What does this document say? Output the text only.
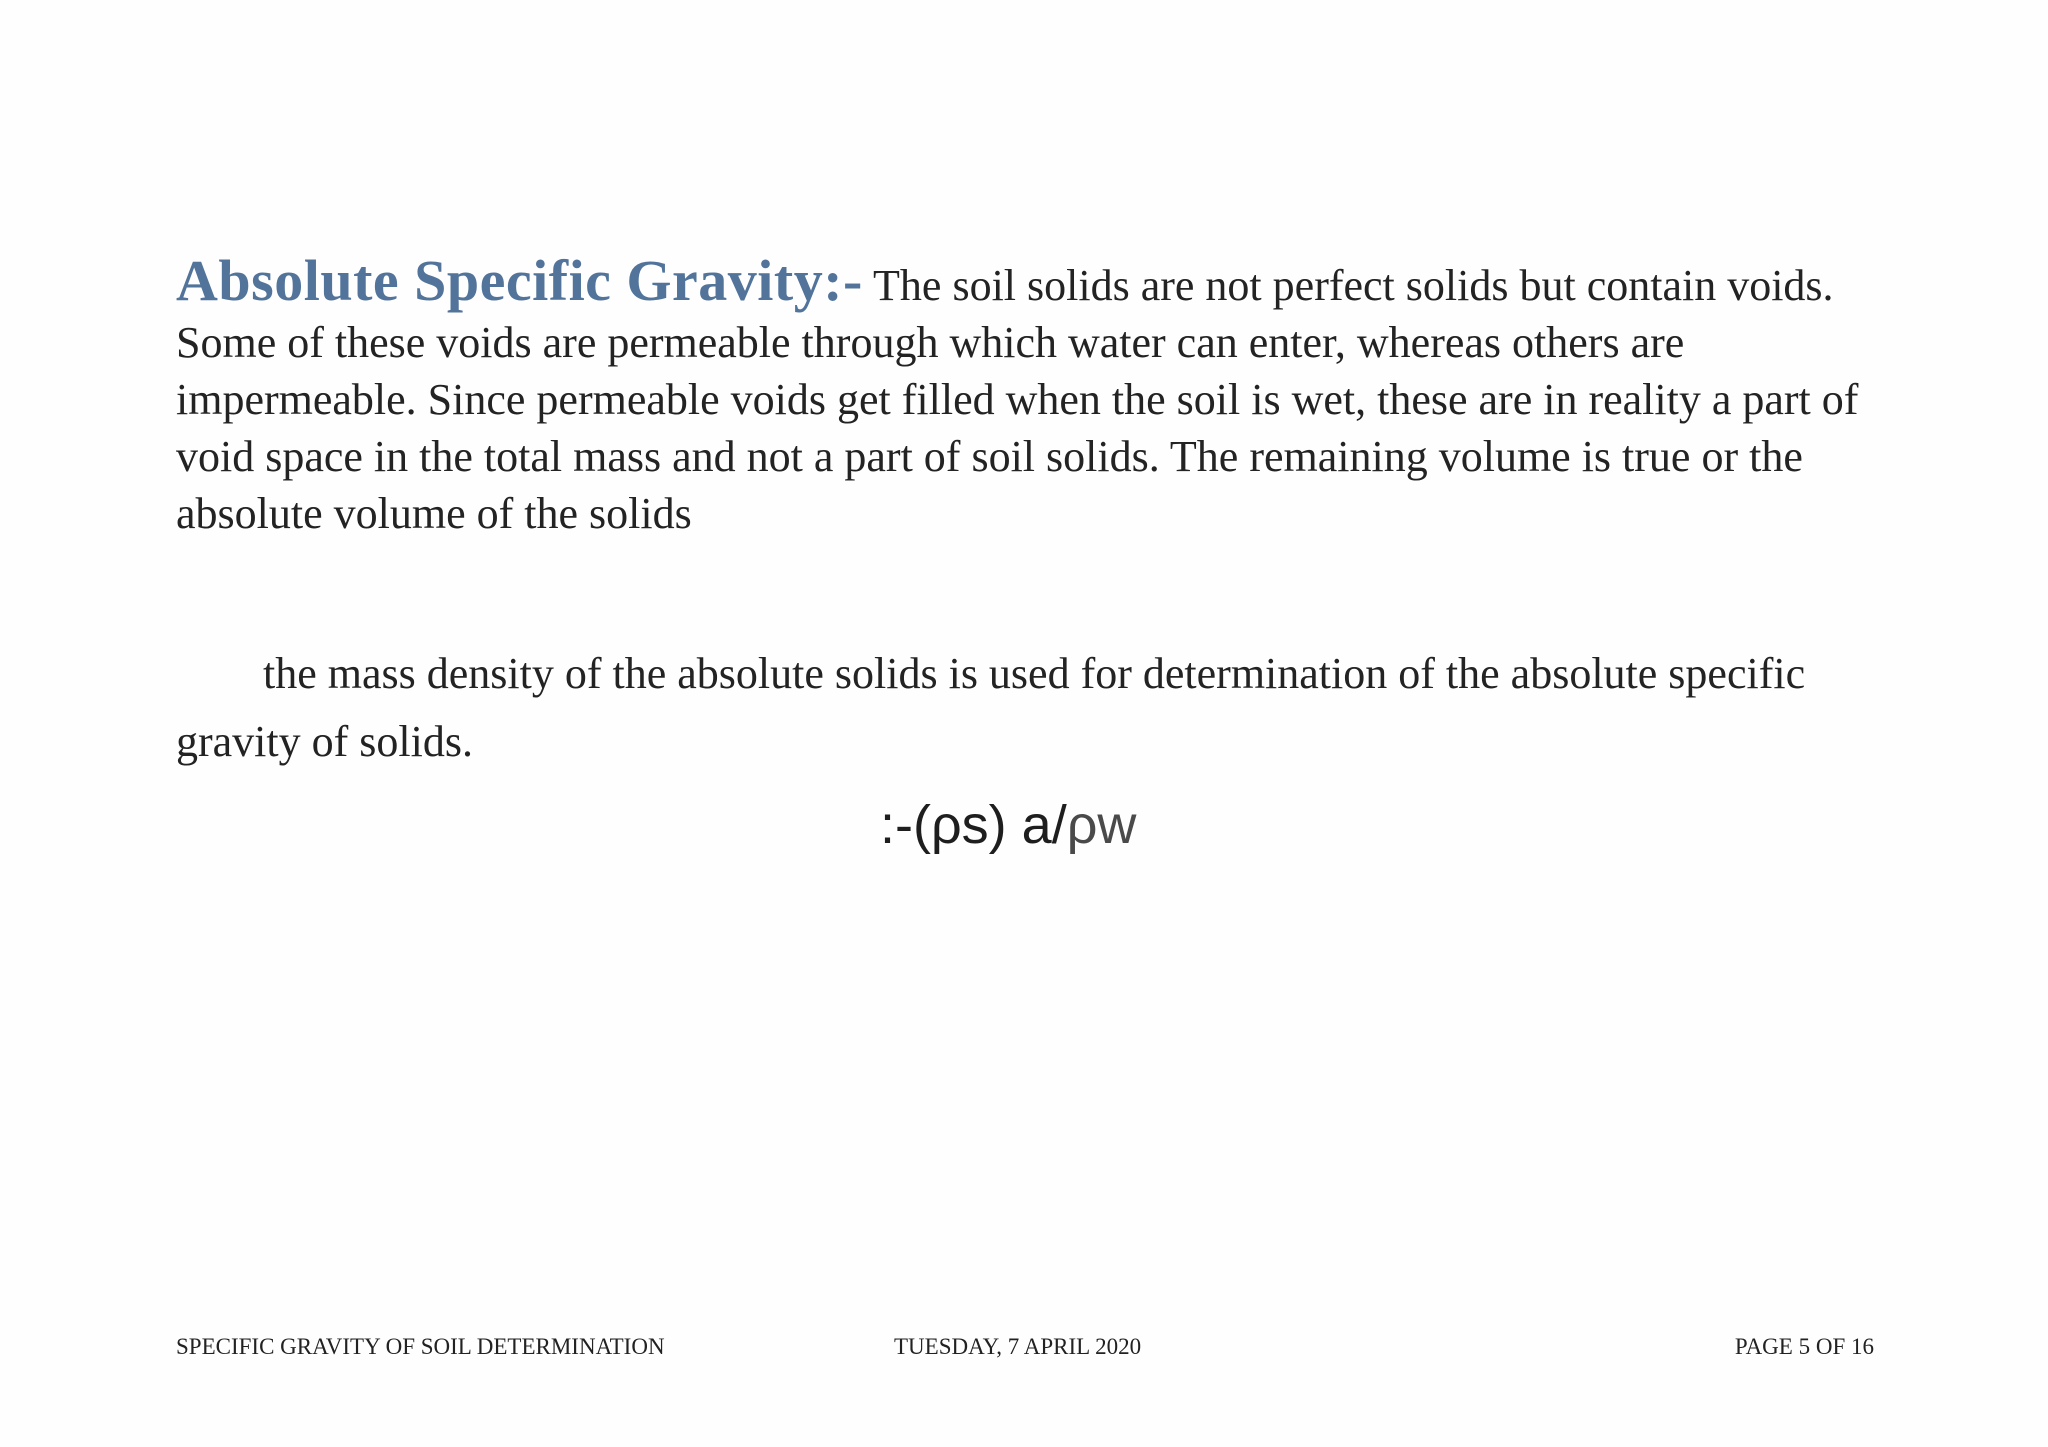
Absolute Specific Gravity:- The soil solids are not perfect solids but contain voids. Some of these voids are permeable through which water can enter, whereas others are impermeable. Since permeable voids get filled when the soil is wet, these are in reality a part of void space in the total mass and not a part of soil solids. The remaining volume is true or the absolute volume of the solids

the mass density of the absolute solids is used for determination of the absolute specific gravity of solids.

:-(ρs) a/ρw
SPECIFIC GRAVITY OF SOIL DETERMINATION	TUESDAY, 7 APRIL 2020	PAGE 5 OF 16
